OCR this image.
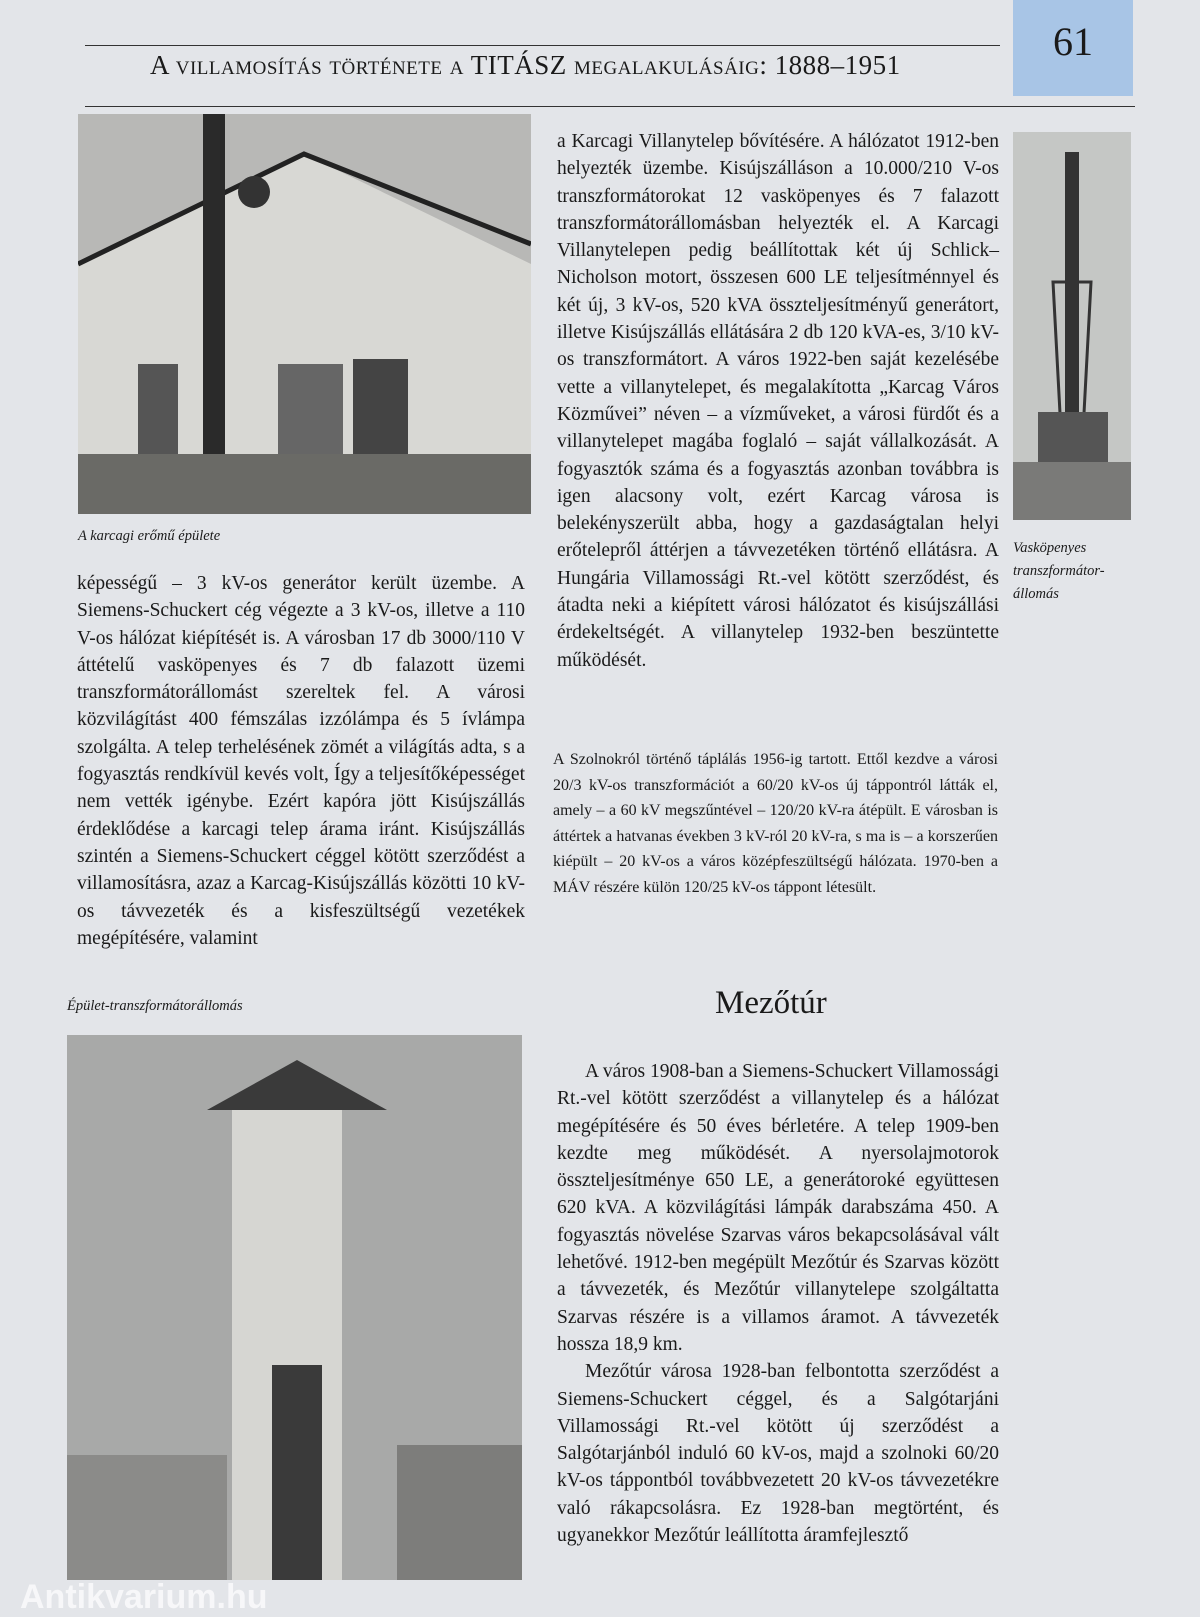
61
A villamosítás története a TITÁSZ megalakulásáig: 1888–1951
A karcagi erőmű épülete
Vasköpenyes transzformátor-állomás

képességű – 3 kV-os generátor került üzembe. A Siemens-Schuckert cég végezte a 3 kV-os, illetve a 110 V-os hálózat kiépítését is. A városban 17 db 3000/110 V áttételű vasköpenyes és 7 db falazott üzemi transzformátorállomást szereltek fel. A városi közvilágítást 400 fémszálas izzólámpa és 5 ívlámpa szolgálta. A telep terhelésének zömét a világítás adta, s a fogyasztás rendkívül kevés volt, Így a teljesítőképességet nem vették igénybe. Ezért kapóra jött Kisújszállás érdeklődése a karcagi telep árama iránt. Kisújszállás szintén a Siemens-Schuckert céggel kötött szerződést a villamosításra, azaz a Karcag-Kisújszállás közötti 10 kV-os távvezeték és a kisfeszültségű vezetékek megépítésére, valamint

a Karcagi Villanytelep bővítésére. A hálózatot 1912-ben helyezték üzembe. Kisújszálláson a 10.000/210 V-os transzformátorokat 12 vasköpenyes és 7 falazott transzformátorállomásban helyezték el. A Karcagi Villanytelepen pedig beállítottak két új Schlick–Nicholson motort, összesen 600 LE teljesítménnyel és két új, 3 kV-os, 520 kVA összteljesítményű generátort, illetve Kisújszállás ellátására 2 db 120 kVA-es, 3/10 kV-os transzformátort. A város 1922-ben saját kezelésébe vette a villanytelepet, és megalakította „Karcag Város Közművei” néven – a vízműveket, a városi fürdőt és a villanytelepet magába foglaló – saját vállalkozását. A fogyasztók száma és a fogyasztás azonban továbbra is igen alacsony volt, ezért Karcag városa is belekényszerült abba, hogy a gazdaságtalan helyi erőtelepről áttérjen a távvezetéken történő ellátásra. A Hungária Villamossági Rt.-vel kötött szerződést, és átadta neki a kiépített városi hálózatot és kisújszállási érdekeltségét. A villanytelep 1932-ben beszüntette működését.

A Szolnokról történő táplálás 1956-ig tartott. Ettől kezdve a városi 20/3 kV-os transzformációt a 60/20 kV-os új táppontról látták el, amely – a 60 kV megszűntével – 120/20 kV-ra átépült. E városban is áttértek a hatvanas években 3 kV-ról 20 kV-ra, s ma is – a korszerűen kiépült – 20 kV-os a város középfeszültségű hálózata. 1970-ben a MÁV részére külön 120/25 kV-os táppont létesült.

Épület-transzformátorállomás	Mezőtúr

A város 1908-ban a Siemens-Schuckert Villamossági Rt.-vel kötött szerződést a villanytelep és a hálózat megépítésére és 50 éves bérletére. A telep 1909-ben kezdte meg működését. A nyersolajmotorok összteljesítménye 650 LE, a generátoroké együttesen 620 kVA. A közvilágítási lámpák darabszáma 450. A fogyasztás növelése Szarvas város bekapcsolásával vált lehetővé. 1912-ben megépült Mezőtúr és Szarvas között a távvezeték, és Mezőtúr villanytelepe szolgáltatta Szarvas részére is a villamos áramot. A távvezeték hossza 18,9 km.

Mezőtúr városa 1928-ban felbontotta szerződést a Siemens-Schuckert céggel, és a Salgótarjáni Villamossági Rt.-vel kötött új szerződést a Salgótarjánból induló 60 kV-os, majd a szolnoki 60/20 kV-os táppontból továbbvezetett 20 kV-os távvezetékre való rákapcsolásra. Ez 1928-ban megtörtént, és ugyanekkor Mezőtúr leállította áramfejlesztő

Antikvarium.hu
